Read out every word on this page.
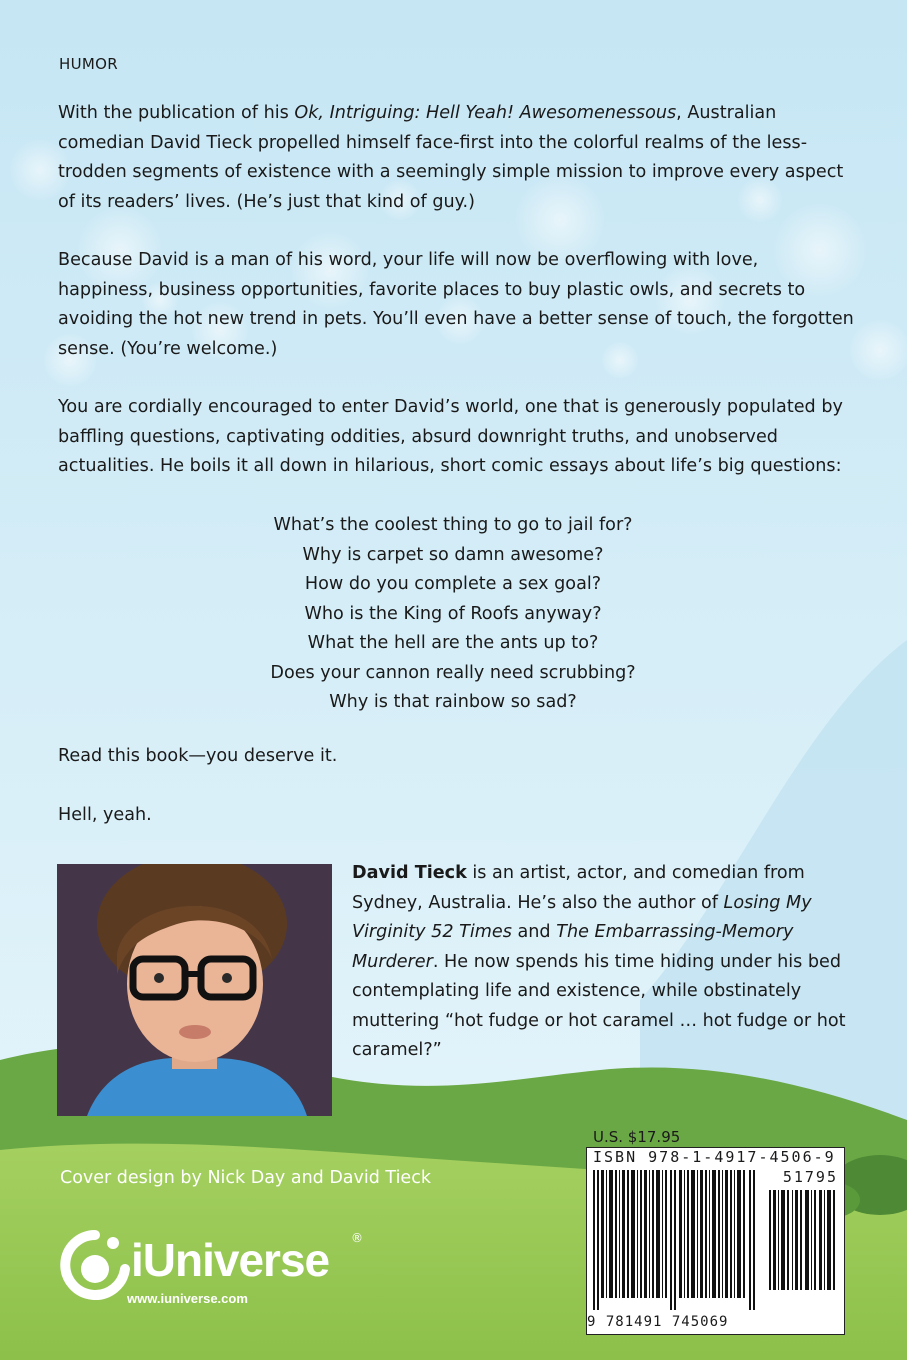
HUMOR

With the publication of his Ok, Intriguing: Hell Yeah! Awesomenessous, Australian comedian David Tieck propelled himself face-first into the colorful realms of the less-trodden segments of existence with a seemingly simple mission to improve every aspect of its readers’ lives. (He’s just that kind of guy.)

Because David is a man of his word, your life will now be overflowing with love, happiness, business opportunities, favorite places to buy plastic owls, and secrets to avoiding the hot new trend in pets. You’ll even have a better sense of touch, the forgotten sense. (You’re welcome.)

You are cordially encouraged to enter David’s world, one that is generously populated by baffling questions, captivating oddities, absurd downright truths, and unobserved actualities. He boils it all down in hilarious, short comic essays about life’s big questions:

What’s the coolest thing to go to jail for?
Why is carpet so damn awesome?
How do you complete a sex goal?
Who is the King of Roofs anyway?
What the hell are the ants up to?
Does your cannon really need scrubbing?
Why is that rainbow so sad?
Read this book—you deserve it.
Hell, yeah.

David Tieck is an artist, actor, and comedian from Sydney, Australia. He’s also the author of Losing My Virginity 52 Times and The Embarrassing-Memory Murderer. He now spends his time hiding under his bed contemplating life and existence, while obstinately muttering “hot fudge or hot caramel … hot fudge or hot caramel?”

U.S. $17.95
ISBN 978-1-4917-4506-9
51795
9 781491 745069
Cover design by Nick Day and David Tieck
iUniverse ®
www.iuniverse.com
